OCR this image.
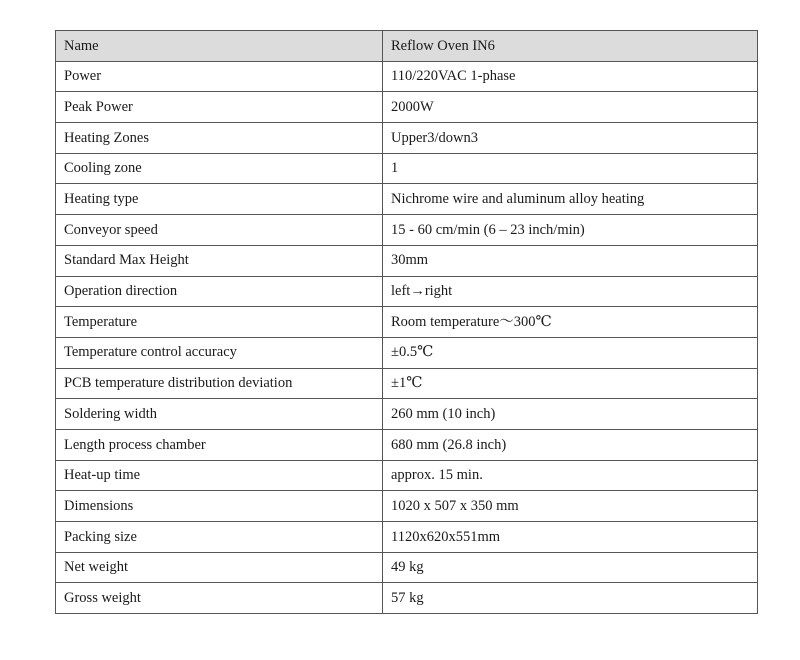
Name	Reflow Oven IN6
Power	110/220VAC 1-phase
Peak Power	2000W
Heating Zones	Upper3/down3
Cooling zone	1
Heating type	Nichrome wire and aluminum alloy heating
Conveyor speed	15 - 60 cm/min (6 – 23 inch/min)
Standard Max Height	30mm
Operation direction	left→right
Temperature	Room temperature～300℃
Temperature control accuracy	±0.5℃
PCB temperature distribution deviation	±1℃
Soldering width	260 mm (10 inch)
Length process chamber	680 mm (26.8 inch)
Heat-up time	approx. 15 min.
Dimensions	1020 x 507 x 350 mm
Packing size	1120x620x551mm
Net weight	49 kg
Gross weight	57 kg
